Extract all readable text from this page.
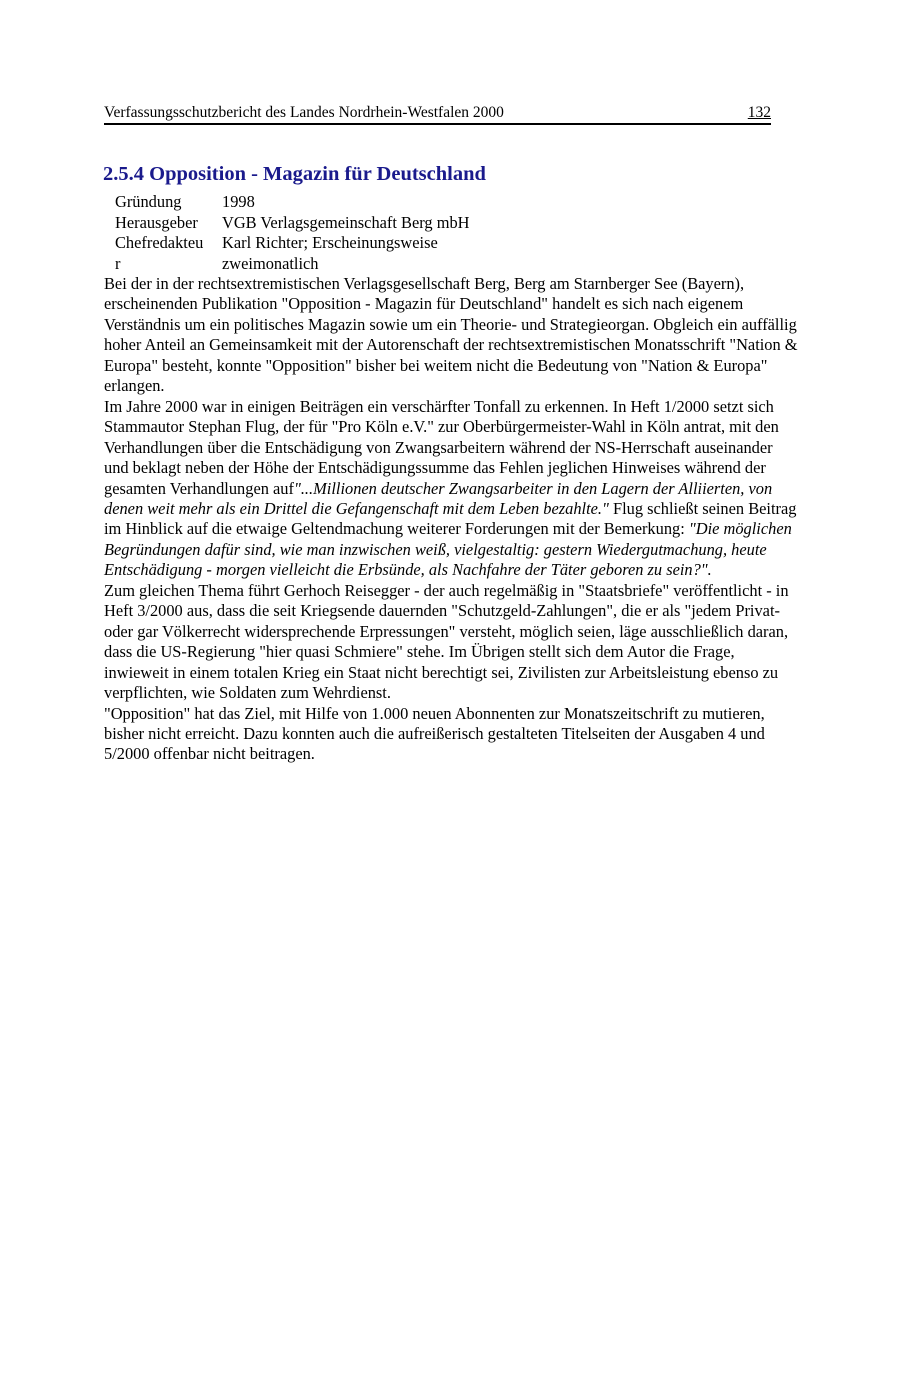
Verfassungsschutzbericht des Landes Nordrhein-Westfalen 2000	132
2.5.4 Opposition - Magazin für Deutschland
Gründung	1998
Herausgeber	VGB Verlagsgemeinschaft Berg mbH
Chefredakteur	Karl Richter; Erscheinungsweise zweimonatlich

Bei der in der rechtsextremistischen Verlagsgesellschaft Berg, Berg am Starnberger See (Bayern), erscheinenden Publikation "Opposition - Magazin für Deutschland" handelt es sich nach eigenem Verständnis um ein politisches Magazin sowie um ein Theorie- und Strategieorgan. Obgleich ein auffällig hoher Anteil an Gemeinsamkeit mit der Autorenschaft der rechtsextremistischen Monatsschrift "Nation & Europa" besteht, konnte "Opposition" bisher bei weitem nicht die Bedeutung von "Nation & Europa" erlangen.

Im Jahre 2000 war in einigen Beiträgen ein verschärfter Tonfall zu erkennen. In Heft 1/2000 setzt sich Stammautor Stephan Flug, der für "Pro Köln e.V." zur Oberbürgermeister-Wahl in Köln antrat, mit den Verhandlungen über die Entschädigung von Zwangsarbeitern während der NS-Herrschaft auseinander und beklagt neben der Höhe der Entschädigungssumme das Fehlen jeglichen Hinweises während der gesamten Verhandlungen auf"...Millionen deutscher Zwangsarbeiter in den Lagern der Alliierten, von denen weit mehr als ein Drittel die Gefangenschaft mit dem Leben bezahlte." Flug schließt seinen Beitrag im Hinblick auf die etwaige Geltendmachung weiterer Forderungen mit der Bemerkung: "Die möglichen Begründungen dafür sind, wie man inzwischen weiß, vielgestaltig: gestern Wiedergutmachung, heute Entschädigung - morgen vielleicht die Erbsünde, als Nachfahre der Täter geboren zu sein?".

Zum gleichen Thema führt Gerhoch Reisegger - der auch regelmäßig in "Staatsbriefe" veröffentlicht - in Heft 3/2000 aus, dass die seit Kriegsende dauernden "Schutzgeld-Zahlungen", die er als "jedem Privat- oder gar Völkerrecht widersprechende Erpressungen" versteht, möglich seien, läge ausschließlich daran, dass die US-Regierung "hier quasi Schmiere" stehe. Im Übrigen stellt sich dem Autor die Frage, inwieweit in einem totalen Krieg ein Staat nicht berechtigt sei, Zivilisten zur Arbeitsleistung ebenso zu verpflichten, wie Soldaten zum Wehrdienst.

"Opposition" hat das Ziel, mit Hilfe von 1.000 neuen Abonnenten zur Monatszeitschrift zu mutieren, bisher nicht erreicht. Dazu konnten auch die aufreißerisch gestalteten Titelseiten der Ausgaben 4 und 5/2000 offenbar nicht beitragen.
